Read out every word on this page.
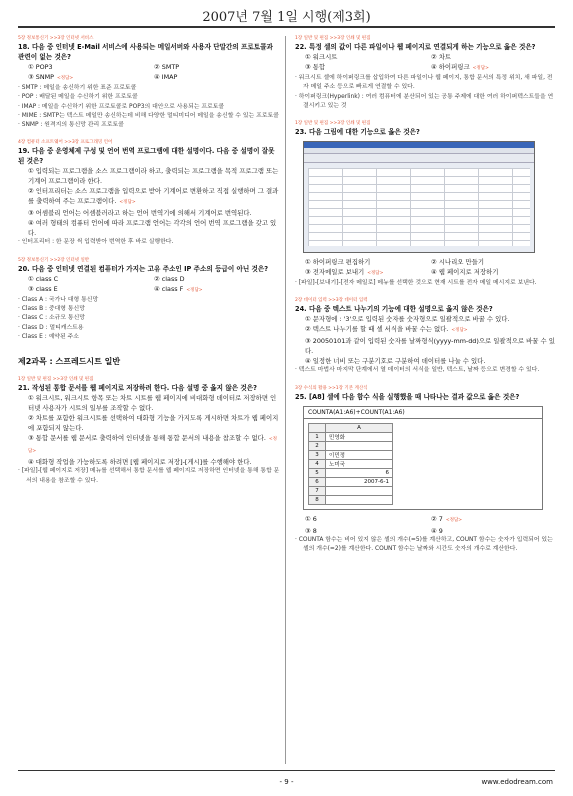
2007년 7월 1일 시행(제3회)
5장 정보통신기 >>3장 인터넷 서비스
18. 다음 중 인터넷 E-Mail 서비스에 사용되는 메일서버와 사용자 단말간의 프로토콜과 관련이 없는 것은?
① POP3	② SMTP
③ SNMP <정답>	④ IMAP
· SMTP : 메일을 송신하기 위한 표준 프로토콜
· POP : 배달된 메일을 수신하기 위한 프로토콜
· IMAP : 메일을 수신하기 위한 프로토콜로 POP3의 대안으로 사용되는 프로토콜
· MIME : SMTP는 텍스트 메일만 송신하는데 비해 다양한 멀티미디어 메일을 송신할 수 있는 프로토콜
· SNMP : 원격지의 통신망 관리 프로토콜
4장 컴퓨터 소프트웨어 >>3장 프로그래밍 언어
19. 다음 중 운영체제 구성 및 언어 번역 프로그램에 대한 설명이다. 다음 중 설명이 잘못된 것은?
① 입력되는 프로그램을 소스 프로그램이라 하고, 출력되는 프로그램을 목적 프로그램 또는 기계어 프로그램이라 한다.
② 인터프리터는 소스 프로그램을 입력으로 받아 기계어로 변환하고 직접 실행하며 그 결과를 출력하여 주는 프로그램이다. <정답>
③ 어셈블리 언어는 어셈블러라고 하는 언어 번역기에 의해서 기계어로 번역된다.
④ 여러 형태의 컴퓨터 언어에 따라 프로그램 언어는 각각의 언어 번역 프로그램을 갖고 있다.
· 인터프리터 : 한 문장 씩 입력받아 번역한 후 바로 실행한다.
5장 정보통신기 >>2장 인터넷 일반
20. 다음 중 인터넷 연결된 컴퓨터가 가지는 고유 주소인 IP 주소의 등급이 아닌 것은?
① class C	② class D
③ class E	④ class F <정답>
· Class A : 국가나 대형 통신망
· Class B : 중대형 통신망
· Class C : 소규모 통신망
· Class D : 멀티캐스트용
· Class E : 예약된 주소
제2과목 : 스프레드시트 일반
1장 일반 및 편집 >>3장 인쇄 및 편집
21. 작성된 통합 문서를 웹 페이지로 저장하려 한다. 다음 설명 중 옳지 않은 것은?
① 워크시트, 워크시트 항목 또는 차트 시트를 웹 페이지에 비대화형 데이터로 저장하면 인터넷 사용자가 시트의 일부를 조작할 수 없다.
② 차트를 포함한 워크시트를 선택하여 대화형 기능을 가지도록 게시하면 차트가 웹 페이지에 포함되지 않는다.
③ 통합 문서를 웹 문서로 출력하여 인터넷을 통해 통합 문서의 내용을 참조할 수 없다. <정답>
④ 대화형 작업을 가능하도록 하려면 [웹 페이지로 저장]-[게시]를 수행해야 한다.
· [파일]-[웹 페이지로 저장] 메뉴를 선택해서 통합 문서를 웹 페이지로 저장하면 인터넷을 통해 통합 문서의 내용을 참조할 수 있다.
1장 일반 및 편집 >>3장 인쇄 및 편집
22. 특정 셀의 값이 다른 파일이나 웹 페이지로 연결되게 하는 기능으로 옳은 것은?
① 워크시트	② 차트
③ 통합	④ 하이퍼링크 <정답>
· 워크시트 셀에 하이퍼링크를 삽입하여 다른 파일이나 웹 페이지, 통합 문서의 특정 위치, 새 파일, 전자 메일 주소 등으로 빠르게 연결할 수 있다.
· 하이퍼링크(Hyperlink) : 여러 컴퓨터에 분산되어 있는 공통 주제에 대한 여러 하이퍼텍스트들을 연결시키고 있는 것
1장 일반 및 편집 >>3장 인쇄 및 편집
23. 다음 그림에 대한 기능으로 옳은 것은?
① 하이퍼링크 편집하기	② 시나리오 만들기
③ 전자메일로 보내기 <정답>	④ 웹 페이지로 저장하기
· [파일]-[보내기]-[전자 메일로] 메뉴를 선택한 것으로 현재 시트를 전자 메일 메시지로 보낸다.
2장 데이터 입력 >>3장 데이터 입력
24. 다음 중 텍스트 나누기의 기능에 대한 설명으로 옳지 않은 것은?
① 문자형에 : '3'으로 입력된 숫자를 숫자형으로 일괄적으로 바꿀 수 있다.
② 텍스트 나누기를 할 때 셀 서식을 바꿀 수는 없다. <정답>
③ 20050101과 같이 입력된 숫자를 날짜형식(yyyy-mm-dd)으로 일괄적으로 바꿀 수 있다.
④ 일정한 너비 또는 구분기호로 구분하여 데이터를 나눌 수 있다.
· 텍스트 마법사 마지막 단계에서 열 데이터의 서식을 일반, 텍스트, 날짜 등으로 변경할 수 있다.
3장 수식의 활용 >>1장 기본 계산식
25. [A8] 셀에 다음 함수 식을 실행했을 때 나타나는 결과 값으로 옳은 것은?
COUNTA(A1:A6)+COUNT(A1:A6)
	A
1	민영화
2	
3	이민정
4	노미국
5	6
6	2007-6-1
7	
8	
① 6	② 7 <정답>
③ 8	④ 9
· COUNTA 함수는 비어 있지 않은 셀의 개수(=5)를 계산하고, COUNT 함수는 숫자가 입력되어 있는 셀의 개수(=2)를 계산한다. COUNT 함수는 날짜와 시간도 숫자의 개수로 계산한다.
- 9 -	www.edodream.com
